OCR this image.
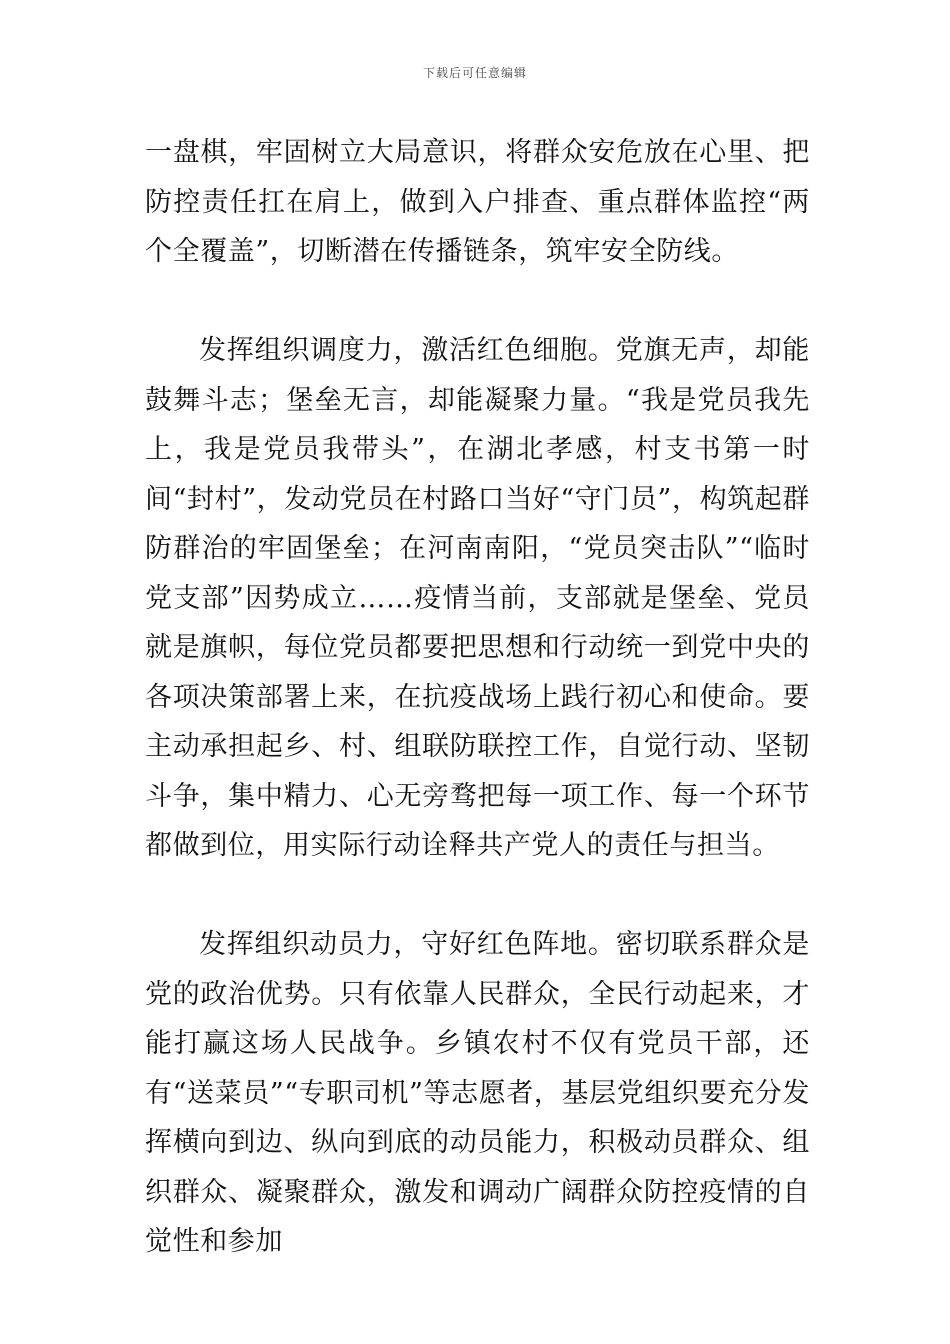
下载后可任意编辑

一盘棋，牢固树立大局意识，将群众安危放在心里、把防控责任扛在肩上，做到入户排查、重点群体监控“两个全覆盖”，切断潜在传播链条，筑牢安全防线。

发挥组织调度力，激活红色细胞。党旗无声，却能鼓舞斗志；堡垒无言，却能凝聚力量。“我是党员我先上，我是党员我带头”，在湖北孝感，村支书第一时间“封村”，发动党员在村路口当好“守门员”，构筑起群防群治的牢固堡垒；在河南南阳，“党员突击队”“临时党支部”因势成立……疫情当前，支部就是堡垒、党员就是旗帜，每位党员都要把思想和行动统一到党中央的各项决策部署上来，在抗疫战场上践行初心和使命。要主动承担起乡、村、组联防联控工作，自觉行动、坚韧斗争，集中精力、心无旁骛把每一项工作、每一个环节都做到位，用实际行动诠释共产党人的责任与担当。

发挥组织动员力，守好红色阵地。密切联系群众是党的政治优势。只有依靠人民群众，全民行动起来，才能打赢这场人民战争。乡镇农村不仅有党员干部，还有“送菜员”“专职司机”等志愿者，基层党组织要充分发挥横向到边、纵向到底的动员能力，积极动员群众、组织群众、凝聚群众，激发和调动广阔群众防控疫情的自觉性和参加
